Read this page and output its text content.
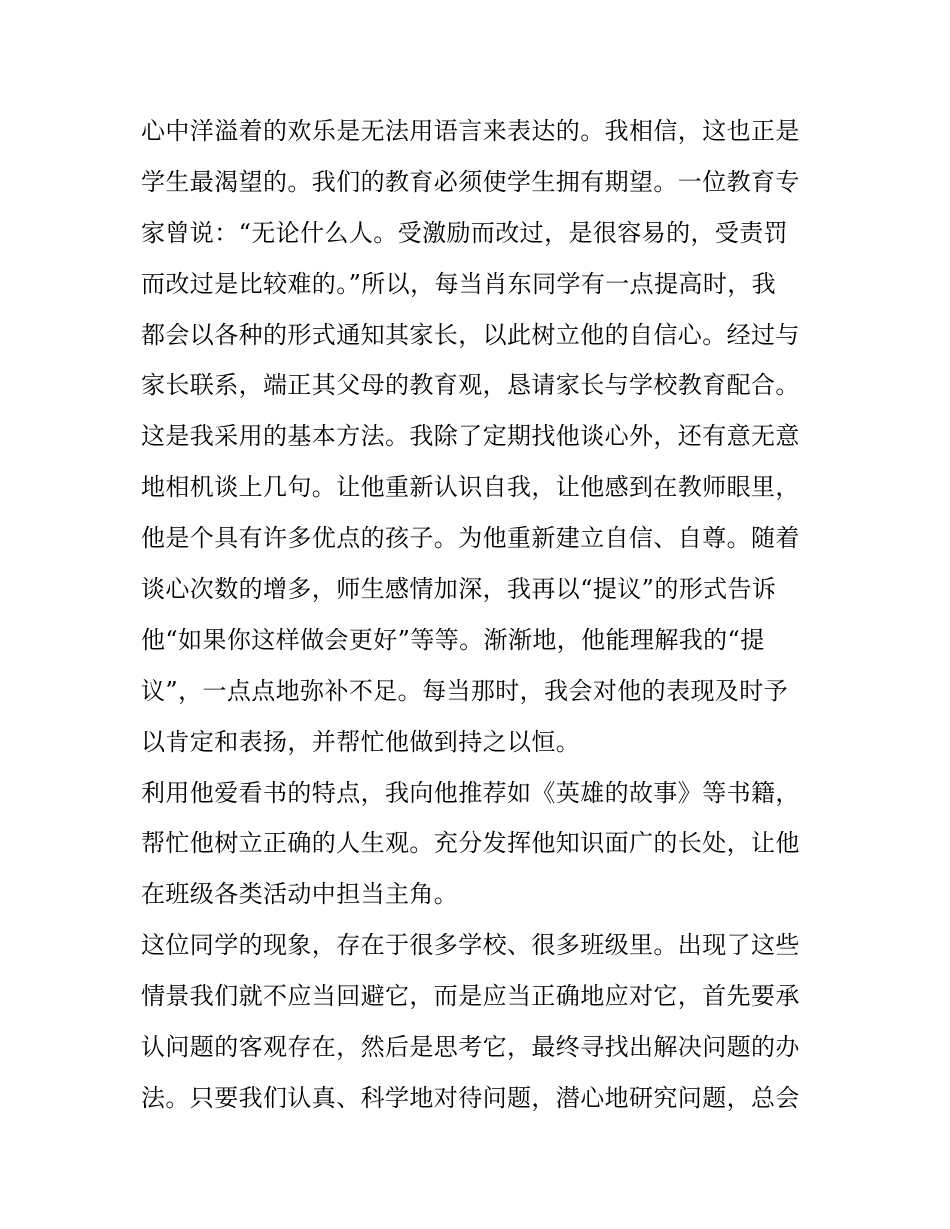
心中洋溢着的欢乐是无法用语言来表达的。我相信，这也正是
学生最渴望的。我们的教育必须使学生拥有期望。一位教育专
家曾说：“无论什么人。受激励而改过，是很容易的，受责罚
而改过是比较难的。”所以，每当肖东同学有一点提高时，我
都会以各种的形式通知其家长，以此树立他的自信心。经过与
家长联系，端正其父母的教育观，恳请家长与学校教育配合。
这是我采用的基本方法。我除了定期找他谈心外，还有意无意
地相机谈上几句。让他重新认识自我，让他感到在教师眼里，
他是个具有许多优点的孩子。为他重新建立自信、自尊。随着
谈心次数的增多，师生感情加深，我再以“提议”的形式告诉
他“如果你这样做会更好”等等。渐渐地，他能理解我的“提
议”，一点点地弥补不足。每当那时，我会对他的表现及时予
以肯定和表扬，并帮忙他做到持之以恒。
利用他爱看书的特点，我向他推荐如《英雄的故事》等书籍，
帮忙他树立正确的人生观。充分发挥他知识面广的长处，让他
在班级各类活动中担当主角。
这位同学的现象，存在于很多学校、很多班级里。出现了这些
情景我们就不应当回避它，而是应当正确地应对它，首先要承
认问题的客观存在，然后是思考它，最终寻找出解决问题的办
法。只要我们认真、科学地对待问题，潜心地研究问题，总会
